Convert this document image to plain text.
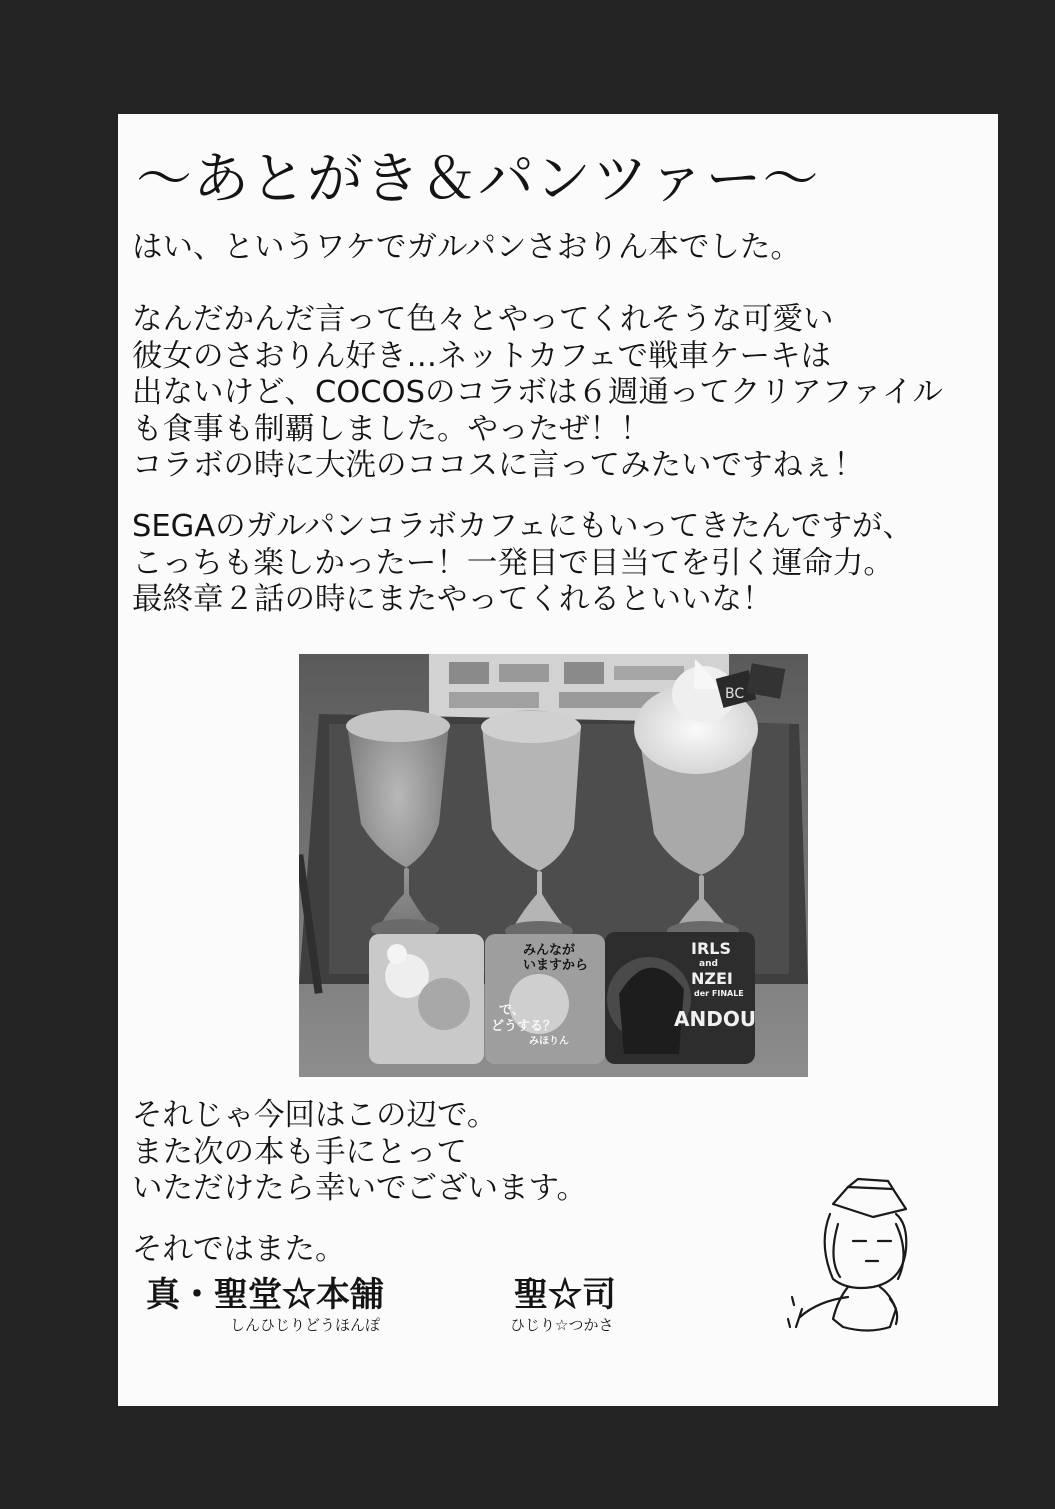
〜あとがき＆パンツァー〜
はい、というワケでガルパンさおりん本でした。
なんだかんだ言って色々とやってくれそうな可愛い
彼女のさおりん好き…ネットカフェで戦車ケーキは
出ないけど、COCOSのコラボは６週通ってクリアファイル
も食事も制覇しました。やったぜ！！
コラボの時に大洗のココスに言ってみたいですねぇ！
SEGAのガルパンコラボカフェにもいってきたんですが、
こっちも楽しかったー！一発目で目当てを引く運命力。
最終章２話の時にまたやってくれるといいな！
BC
みんなが いますから
で、 どうする？ みほりん
IRLS and NZEI der FINALE ANDOU
それじゃ今回はこの辺で。
また次の本も手にとって
いただけたら幸いでございます。
それではまた。
真・聖堂☆本舗
しんひじりどうほんぽ
聖☆司
ひじり☆つかさ
